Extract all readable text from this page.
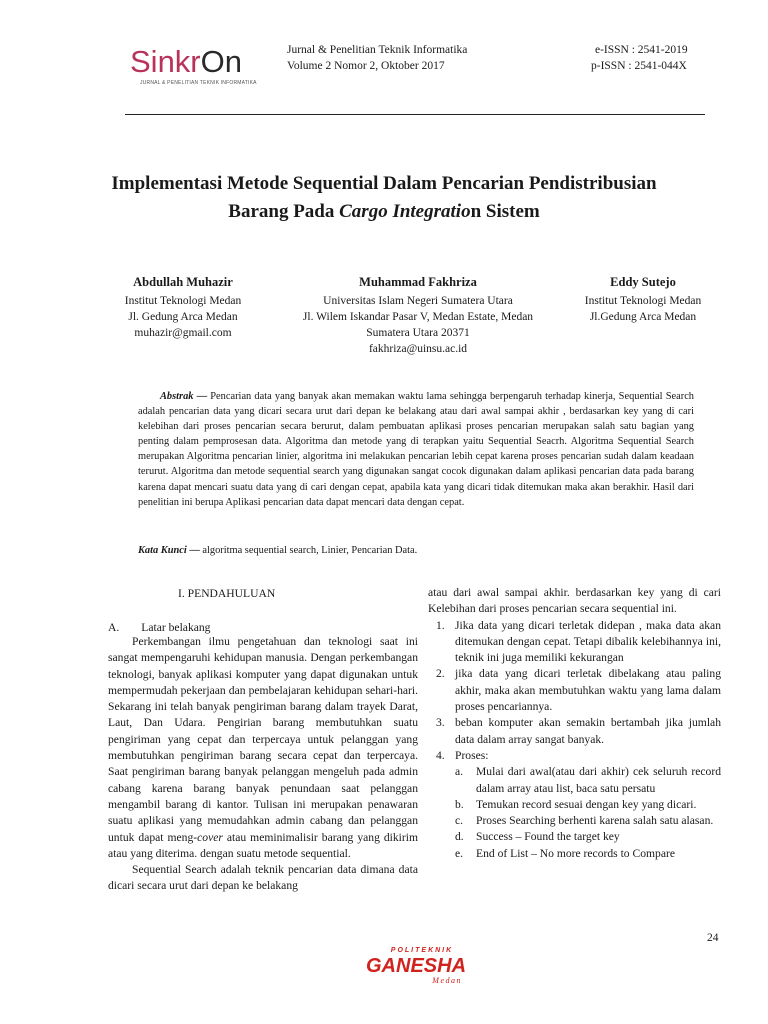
SinkrOn
JURNAL & PENELITIAN TEKNIK INFORMATIKA
Jurnal & Penelitian Teknik Informatika
Volume 2 Nomor 2, Oktober 2017
e-ISSN : 2541-2019
p-ISSN : 2541-044X
Implementasi Metode Sequential Dalam Pencarian Pendistribusian
Barang Pada Cargo Integration Sistem
Abdullah Muhazir
Institut Teknologi Medan
Jl. Gedung Arca Medan
muhazir@gmail.com
Muhammad Fakhriza
Universitas Islam Negeri Sumatera Utara
Jl. Wilem Iskandar Pasar V, Medan Estate, Medan
Sumatera Utara 20371
fakhriza@uinsu.ac.id
Eddy Sutejo
Institut Teknologi Medan
Jl.Gedung Arca Medan

Abstrak — Pencarian data yang banyak akan memakan waktu lama sehingga berpengaruh terhadap kinerja, Sequential Search adalah pencarian data yang dicari secara urut dari depan ke belakang atau dari awal sampai akhir , berdasarkan key yang di cari kelebihan dari proses pencarian secara berurut, dalam pembuatan aplikasi proses pencarian merupakan salah satu bagian yang penting dalam pemprosesan data. Algoritma dan metode yang di terapkan yaitu Sequential Seacrh. Algoritma Sequential Search merupakan Algoritma pencarian linier, algoritma ini melakukan pencarian lebih cepat karena proses pencarian sudah dalam keadaan terurut. Algoritma dan metode sequential search yang digunakan sangat cocok digunakan dalam aplikasi pencarian data pada barang karena dapat mencari suatu data yang di cari dengan cepat, apabila kata yang dicari tidak ditemukan maka akan berakhir. Hasil dari penelitian ini berupa Aplikasi pencarian data dapat mencari data dengan cepat.

Kata Kunci — algoritma sequential search, Linier, Pencarian Data.
I. PENDAHULUAN
A. Latar belakang

Perkembangan ilmu pengetahuan dan teknologi saat ini sangat mempengaruhi kehidupan manusia. Dengan perkembangan teknologi, banyak aplikasi komputer yang dapat digunakan untuk mempermudah pekerjaan dan pembelajaran kehidupan sehari-hari. Sekarang ini telah banyak pengiriman barang dalam trayek Darat, Laut, Dan Udara. Pengirian barang membutuhkan suatu pengiriman yang cepat dan terpercaya untuk pelanggan yang membutuhkan pengiriman barang secara cepat dan terpercaya. Saat pengiriman barang banyak pelanggan mengeluh pada admin cabang karena barang banyak penundaan saat pelanggan mengambil barang di kantor. Tulisan ini merupakan penawaran suatu aplikasi yang memudahkan admin cabang dan pelanggan untuk dapat meng-cover atau meminimalisir barang yang dikirim atau yang diterima. dengan suatu metode sequential.

Sequential Search adalah teknik pencarian data dimana data dicari secara urut dari depan ke belakang

atau dari awal sampai akhir. berdasarkan key yang di cari Kelebihan dari proses pencarian secara sequential ini.

1. Jika data yang dicari terletak didepan , maka data akan ditemukan dengan cepat. Tetapi dibalik kelebihannya ini, teknik ini juga memiliki kekurangan
2. jika data yang dicari terletak dibelakang atau paling akhir, maka akan membutuhkan waktu yang lama dalam proses pencariannya.
3. beban komputer akan semakin bertambah jika jumlah data dalam array sangat banyak.
4. Proses:
a. Mulai dari awal(atau dari akhir) cek seluruh record dalam array atau list, baca satu persatu
b. Temukan record sesuai dengan key yang dicari.
c. Proses Searching berhenti karena salah satu alasan.
d. Success – Found the target key
e. End of List – No more records to Compare
24
POLITEKNIK
GANESHA
Medan
